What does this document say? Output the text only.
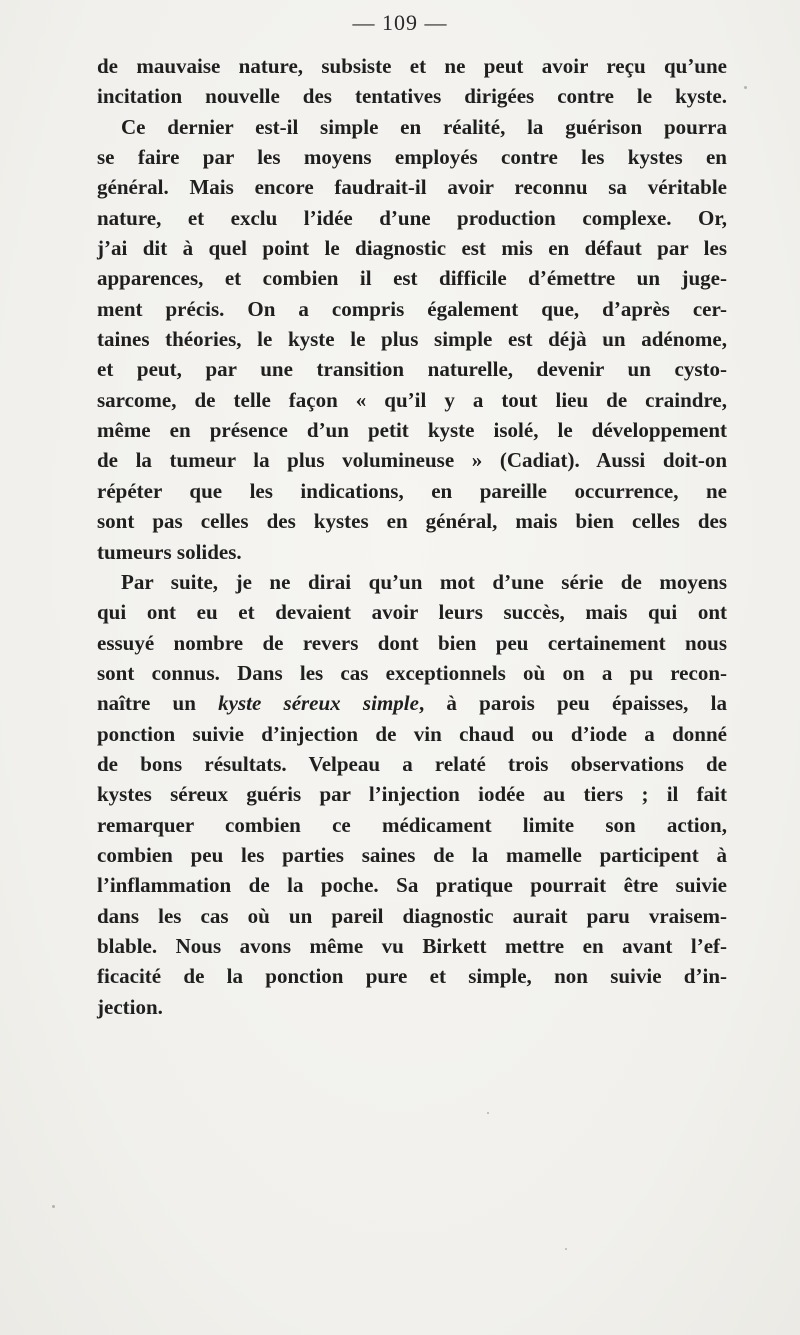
— 109 —
de mauvaise nature, subsiste et ne peut avoir reçu qu’une
incitation nouvelle des tentatives dirigées contre le kyste.
Ce dernier est-il simple en réalité, la guérison pourra
se faire par les moyens employés contre les kystes en
général. Mais encore faudrait-il avoir reconnu sa véritable
nature, et exclu l’idée d’une production complexe. Or,
j’ai dit à quel point le diagnostic est mis en défaut par les
apparences, et combien il est difficile d’émettre un juge-
ment précis. On a compris également que, d’après cer-
taines théories, le kyste le plus simple est déjà un adénome,
et peut, par une transition naturelle, devenir un cysto-
sarcome, de telle façon « qu’il y a tout lieu de craindre,
même en présence d’un petit kyste isolé, le développement
de la tumeur la plus volumineuse » (Cadiat). Aussi doit-on
répéter que les indications, en pareille occurrence, ne
sont pas celles des kystes en général, mais bien celles des
tumeurs solides.
Par suite, je ne dirai qu’un mot d’une série de moyens
qui ont eu et devaient avoir leurs succès, mais qui ont
essuyé nombre de revers dont bien peu certainement nous
sont connus. Dans les cas exceptionnels où on a pu recon-
naître un kyste séreux simple, à parois peu épaisses, la
ponction suivie d’injection de vin chaud ou d’iode a donné
de bons résultats. Velpeau a relaté trois observations de
kystes séreux guéris par l’injection iodée au tiers ; il fait
remarquer combien ce médicament limite son action,
combien peu les parties saines de la mamelle participent à
l’inflammation de la poche. Sa pratique pourrait être suivie
dans les cas où un pareil diagnostic aurait paru vraisem-
blable. Nous avons même vu Birkett mettre en avant l’ef-
ficacité de la ponction pure et simple, non suivie d’in-
jection.
